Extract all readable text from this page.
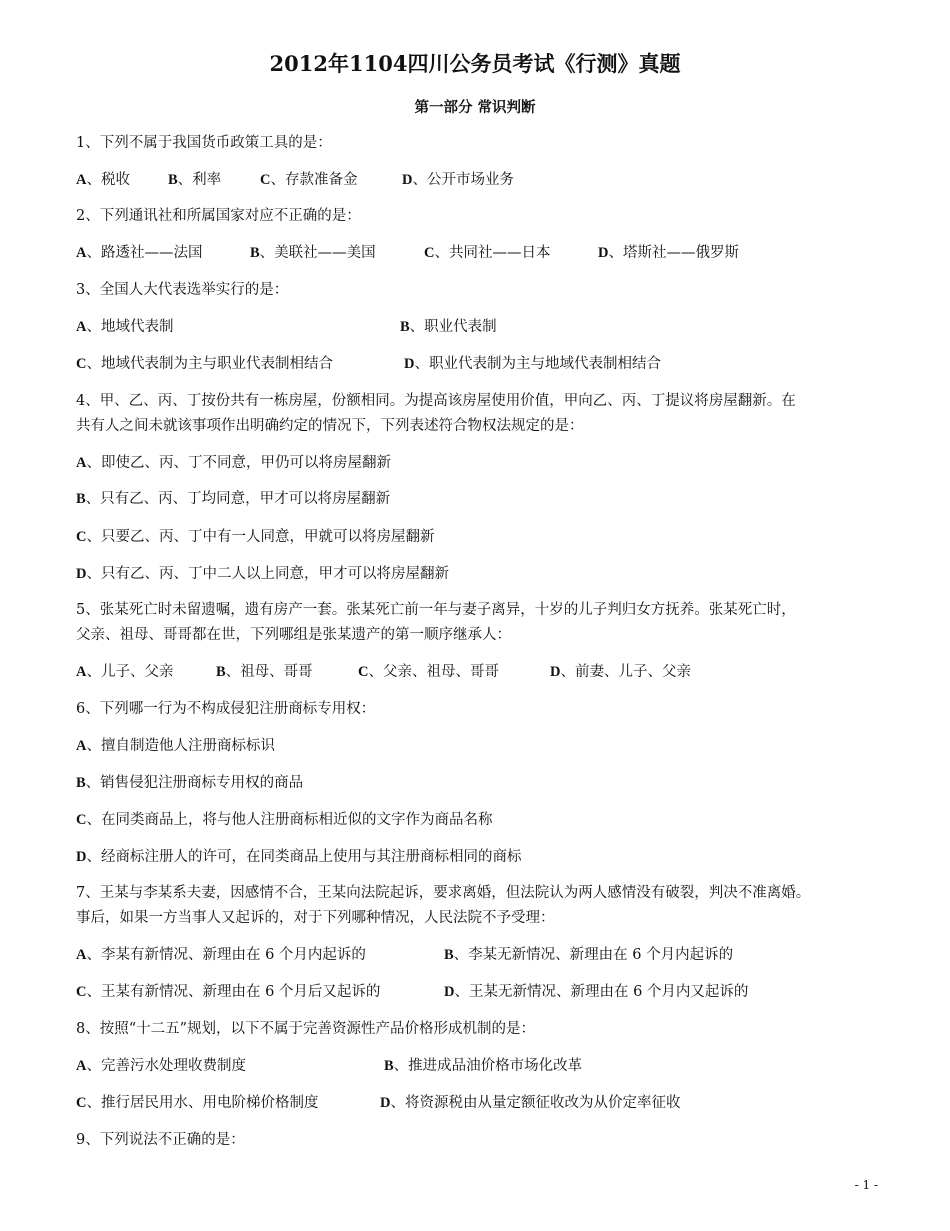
2012年1104四川公务员考试《行测》真题
第一部分 常识判断
1、下列不属于我国货币政策工具的是：
A、税收	B、利率	C、存款准备金	D、公开市场业务
2、下列通讯社和所属国家对应不正确的是：
A、路透社——法国	B、美联社——美国	C、共同社——日本	D、塔斯社——俄罗斯
3、全国人大代表选举实行的是：
A、地域代表制	B、职业代表制
C、地域代表制为主与职业代表制相结合	D、职业代表制为主与地域代表制相结合
4、甲、乙、丙、丁按份共有一栋房屋，份额相同。为提高该房屋使用价值，甲向乙、丙、丁提议将房屋翻新。在
共有人之间未就该事项作出明确约定的情况下，下列表述符合物权法规定的是：
A、即使乙、丙、丁不同意，甲仍可以将房屋翻新
B、只有乙、丙、丁均同意，甲才可以将房屋翻新
C、只要乙、丙、丁中有一人同意，甲就可以将房屋翻新
D、只有乙、丙、丁中二人以上同意，甲才可以将房屋翻新
5、张某死亡时未留遗嘱，遗有房产一套。张某死亡前一年与妻子离异，十岁的儿子判归女方抚养。张某死亡时，
父亲、祖母、哥哥都在世，下列哪组是张某遗产的第一顺序继承人：
A、儿子、父亲	B、祖母、哥哥	C、父亲、祖母、哥哥	D、前妻、儿子、父亲
6、下列哪一行为不构成侵犯注册商标专用权：
A、擅自制造他人注册商标标识
B、销售侵犯注册商标专用权的商品
C、在同类商品上，将与他人注册商标相近似的文字作为商品名称
D、经商标注册人的许可，在同类商品上使用与其注册商标相同的商标
7、王某与李某系夫妻，因感情不合，王某向法院起诉，要求离婚，但法院认为两人感情没有破裂，判决不准离婚。
事后，如果一方当事人又起诉的，对于下列哪种情况，人民法院不予受理：
A、李某有新情况、新理由在 6 个月内起诉的	B、李某无新情况、新理由在 6 个月内起诉的
C、王某有新情况、新理由在 6 个月后又起诉的	D、王某无新情况、新理由在 6 个月内又起诉的
8、按照“十二五”规划，以下不属于完善资源性产品价格形成机制的是：
A、完善污水处理收费制度	B、推进成品油价格市场化改革
C、推行居民用水、用电阶梯价格制度	D、将资源税由从量定额征收改为从价定率征收
9、下列说法不正确的是：
- 1 -
